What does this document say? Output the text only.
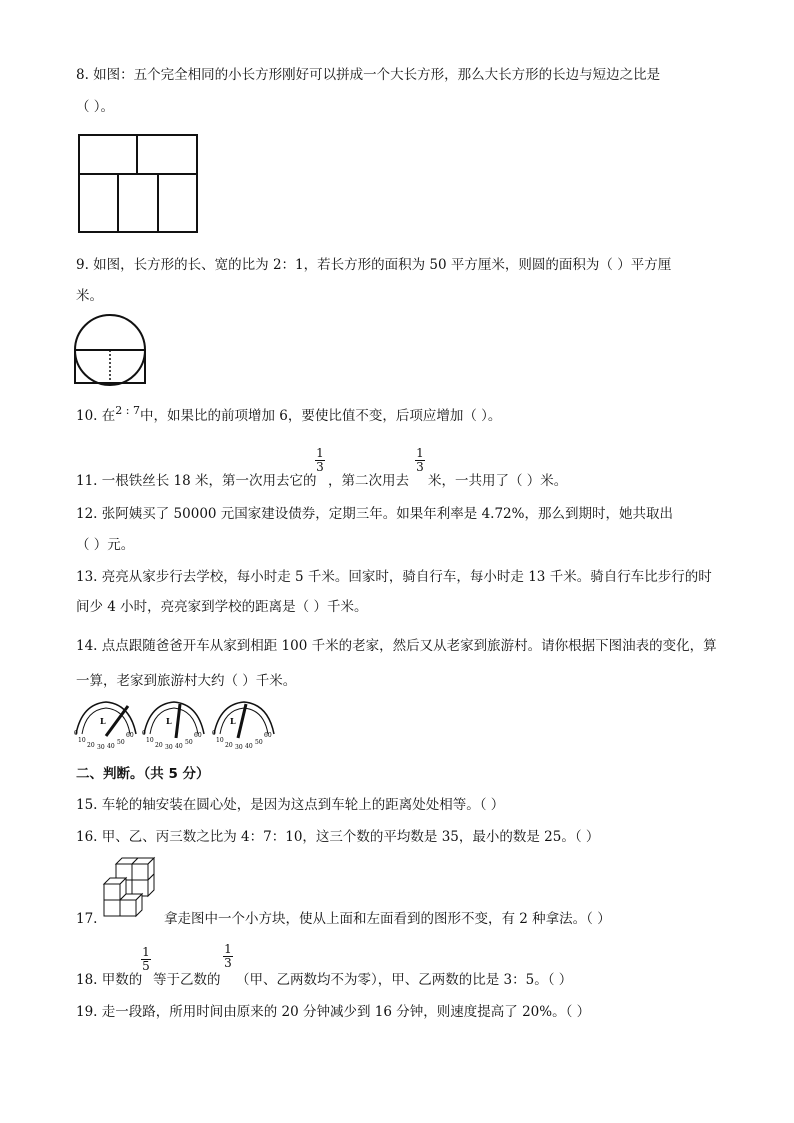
8. 如图：五个完全相同的小长方形刚好可以拼成一个大长方形，那么大长方形的长边与短边之比是
（ ）。
9. 如图，长方形的长、宽的比为 2：1，若长方形的面积为 50 平方厘米，则圆的面积为（ ）平方厘
米。
10. 在$^{2 : 7}$中，如果比的前项增加 6，要使比值不变，后项应增加（ ）。
11. 一根铁丝长 18 米，第一次用去它的
1
3
，第二次用去
1
3
米，一共用了（ ）米。
12. 张阿姨买了 50000 元国家建设债券，定期三年。如果年利率是 4.72%，那么到期时，她共取出
（ ）元。
13. 亮亮从家步行去学校，每小时走 5 千米。回家时，骑自行车，每小时走 13 千米。骑自行车比步行的时
间少 4 小时，亮亮家到学校的距离是（ ）千米。
14. 点点跟随爸爸开车从家到相距 100 千米的老家，然后又从老家到旅游村。请你根据下图油表的变化，算
一算，老家到旅游村大约（ ）千米。
L
0
10
20 30 40
50
60
L
0
10
20 30 40
50
60
L
0
10
20 30 40
50
60
二、判断。（共 5 分）
15. 车轮的轴安装在圆心处，是因为这点到车轮上的距离处处相等。（ ）
16. 甲、乙、丙三数之比为 4：7：10，这三个数的平均数是 35，最小的数是 25。（ ）
17.	拿走图中一个小方块，使从上面和左面看到的图形不变，有 2 种拿法。（ ）
18. 甲数的
1
5
等于乙数的
1
3
（甲、乙两数均不为零），甲、乙两数的比是 3：5。（ ）
19. 走一段路，所用时间由原来的 20 分钟减少到 16 分钟，则速度提高了 20%。（ ）
